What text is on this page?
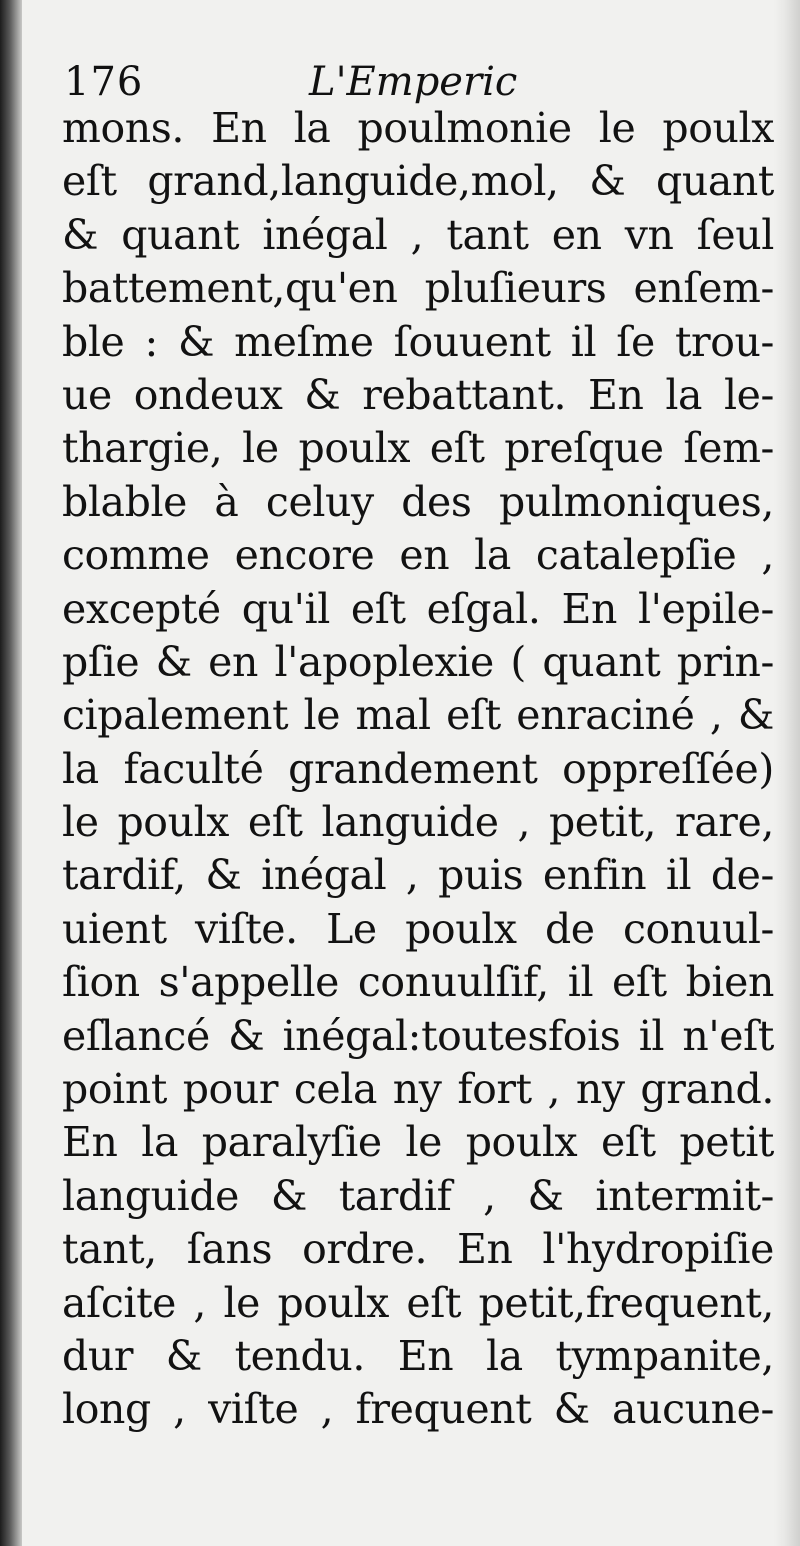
176	L'Emperic
mons. En la poulmonie le poulx
eſt grand,languide,mol, & quant
& quant inégal , tant en vn ſeul
battement,qu'en pluſieurs enſem-
ble : & meſme ſouuent il ſe trou-
ue ondeux & rebattant. En la le-
thargie, le poulx eſt preſque ſem-
blable à celuy des pulmoniques,
comme encore en la catalepſie ,
excepté qu'il eſt eſgal. En l'epilе-
pſie & en l'apoplexie ( quant prin-
cipalement le mal eſt enraciné , &
la faculté grandement oppreſſée)
le poulx eſt languide , petit, rare,
tardif, & inégal , puis enfin il de-
uient viſte. Le poulx de conuul-
ſion s'appelle conuulſif, il eſt bien
eſlancé & inégal:toutesfois il n'eſt
point pour cela ny fort , ny grand.
En la paralyſie le poulx eſt petit
languide & tardif , & intermit-
tant, ſans ordre. En l'hydropiſie
aſcite , le poulx eſt petit,frequent,
dur & tendu. En la tympanite,
long , viſte , frequent & aucune-
